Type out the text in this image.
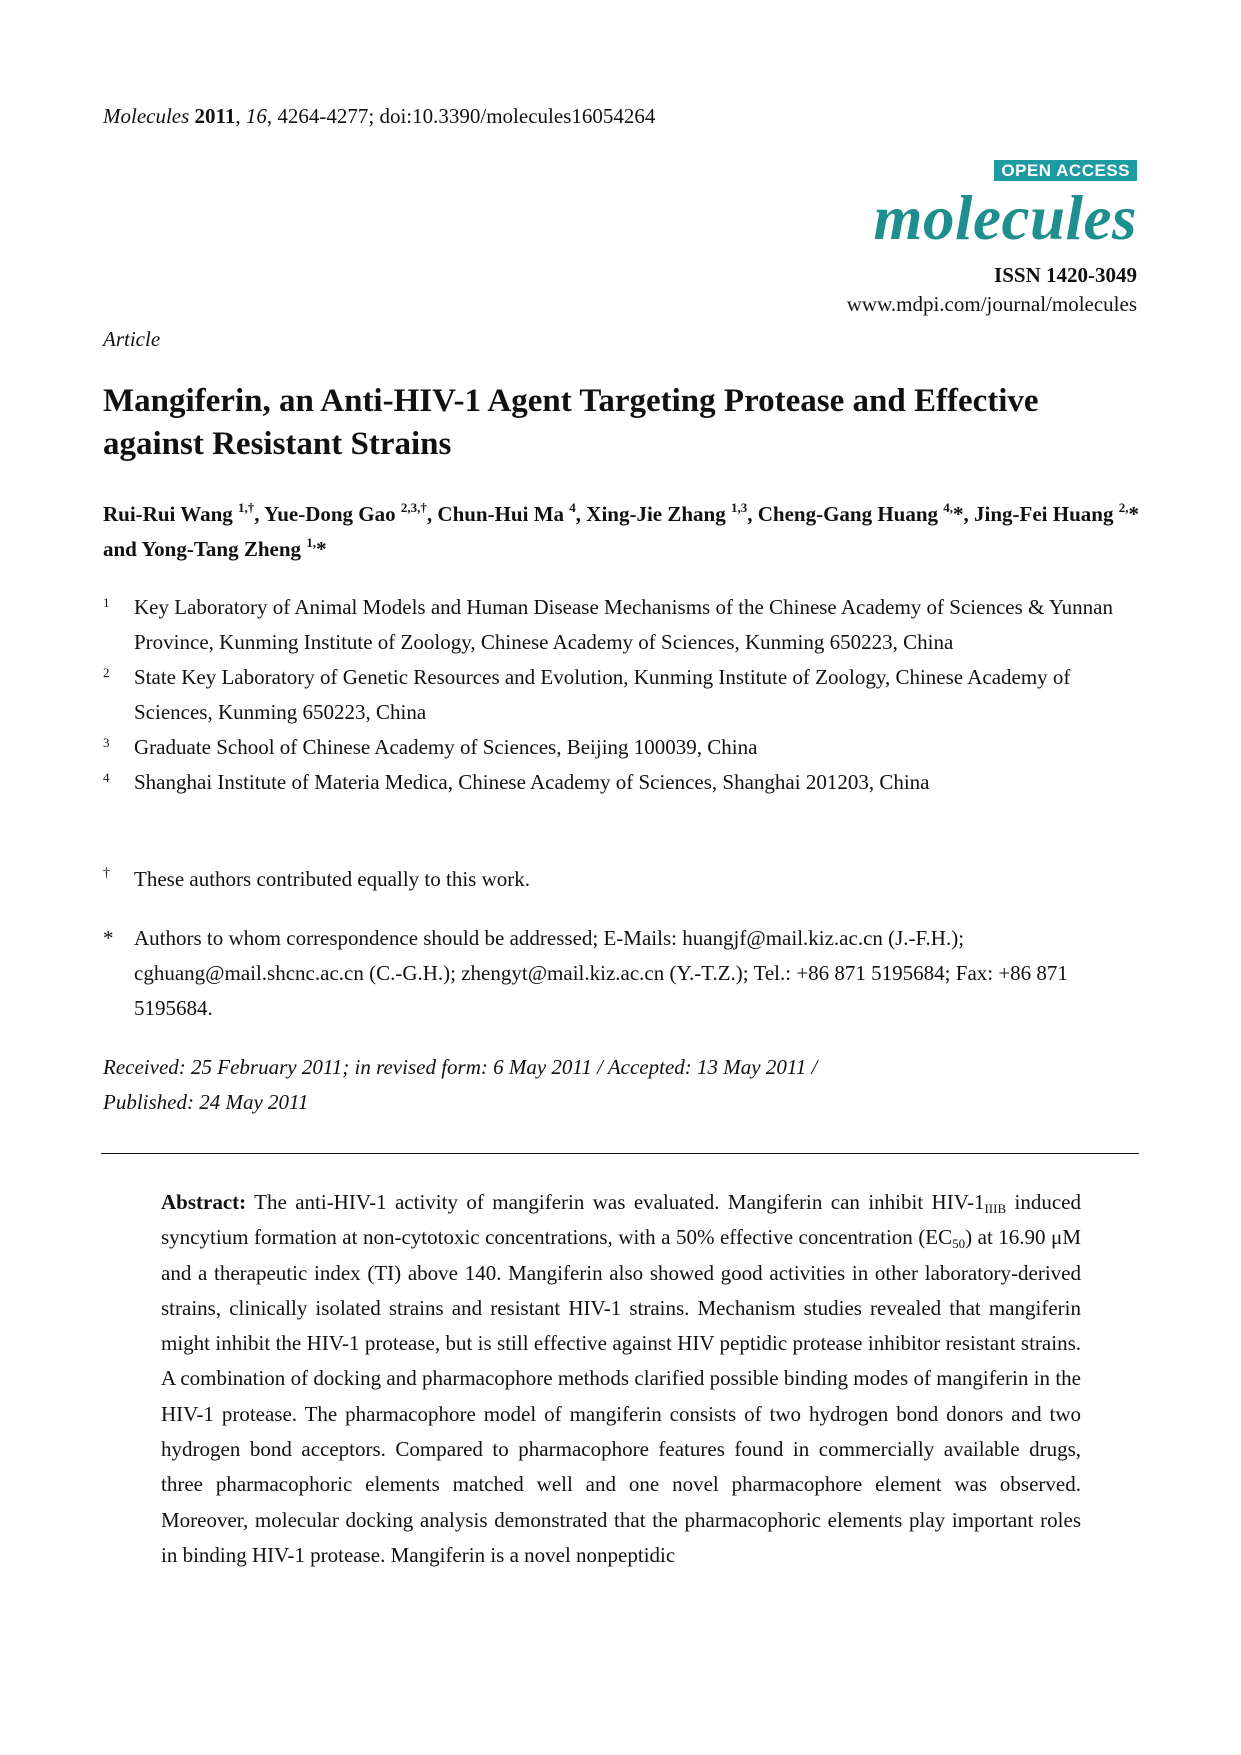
Molecules 2011, 16, 4264-4277; doi:10.3390/molecules16054264
OPEN ACCESS
molecules
ISSN 1420-3049
www.mdpi.com/journal/molecules
Article
Mangiferin, an Anti-HIV-1 Agent Targeting Protease and Effective against Resistant Strains
Rui-Rui Wang $^{1,\dagger}$, Yue-Dong Gao $^{2,3,\dagger}$, Chun-Hui Ma $^4$, Xing-Jie Zhang $^{1,3}$, Cheng-Gang Huang $^{4,}$*, Jing-Fei Huang $^{2,}$* and Yong-Tang Zheng $^{1,}$*
1 Key Laboratory of Animal Models and Human Disease Mechanisms of the Chinese Academy of Sciences & Yunnan Province, Kunming Institute of Zoology, Chinese Academy of Sciences, Kunming 650223, China
2 State Key Laboratory of Genetic Resources and Evolution, Kunming Institute of Zoology, Chinese Academy of Sciences, Kunming 650223, China
3 Graduate School of Chinese Academy of Sciences, Beijing 100039, China
4 Shanghai Institute of Materia Medica, Chinese Academy of Sciences, Shanghai 201203, China
† These authors contributed equally to this work.
* Authors to whom correspondence should be addressed; E-Mails: huangjf@mail.kiz.ac.cn (J.-F.H.); cghuang@mail.shcnc.ac.cn (C.-G.H.); zhengyt@mail.kiz.ac.cn (Y.-T.Z.); Tel.: +86 871 5195684; Fax: +86 871 5195684.
Received: 25 February 2011; in revised form: 6 May 2011 / Accepted: 13 May 2011 /
Published: 24 May 2011

Abstract: The anti-HIV-1 activity of mangiferin was evaluated. Mangiferin can inhibit HIV-$1_{IIIB}$ induced syncytium formation at non-cytotoxic concentrations, with a 50% effective concentration $(EC_{50})$ at 16.90 μM and a therapeutic index (TI) above 140. Mangiferin also showed good activities in other laboratory-derived strains, clinically isolated strains and resistant HIV-1 strains. Mechanism studies revealed that mangiferin might inhibit the HIV-1 protease, but is still effective against HIV peptidic protease inhibitor resistant strains. A combination of docking and pharmacophore methods clarified possible binding modes of mangiferin in the HIV-1 protease. The pharmacophore model of mangiferin consists of two hydrogen bond donors and two hydrogen bond acceptors. Compared to pharmacophore features found in commercially available drugs, three pharmacophoric elements matched well and one novel pharmacophore element was observed. Moreover, molecular docking analysis demonstrated that the pharmacophoric elements play important roles in binding HIV-1 protease. Mangiferin is a novel nonpeptidic
